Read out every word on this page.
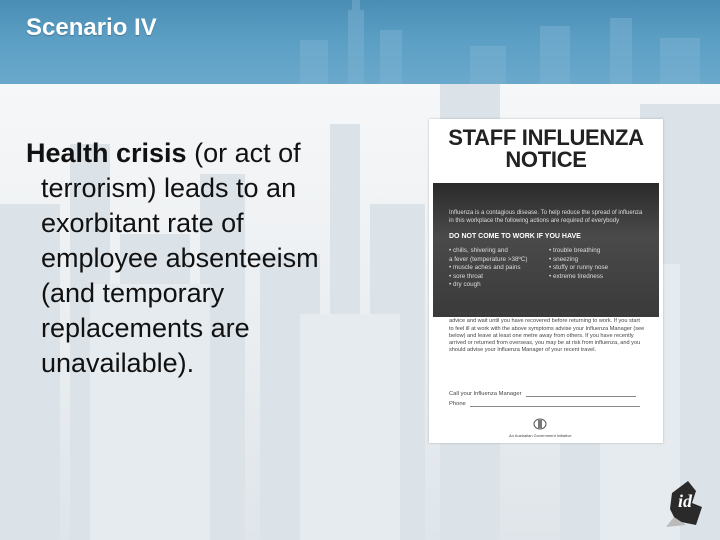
Scenario IV
Health crisis (or act of
terrorism) leads to an
exorbitant rate of
employee absenteeism
(and temporary
replacements are
unavailable).
STAFF INFLUENZA
NOTICE
Influenza is a contagious disease. To help reduce the spread of influenza in this workplace the following actions are required of everybody
DO NOT COME TO WORK IF YOU HAVE
• chills, shivering and
a fever (temperature >38ºC)
• muscle aches and pains
• sore throat
• dry cough
• trouble breathing
• sneezing
• stuffy or runny nose
• extreme tiredness
If some of the above symptoms apply to you, please stay home, seek medical advice and wait until you have recovered before returning to work. If you start to feel ill at work with the above symptoms advise your Influenza Manager (see below) and leave at least one metre away from others. If you have recently arrived or returned from overseas, you may be at risk from influenza, and you should advise your Influenza Manager of your recent travel.
Call your Influenza Manager
Phone
An Australian Government Initiative
id
